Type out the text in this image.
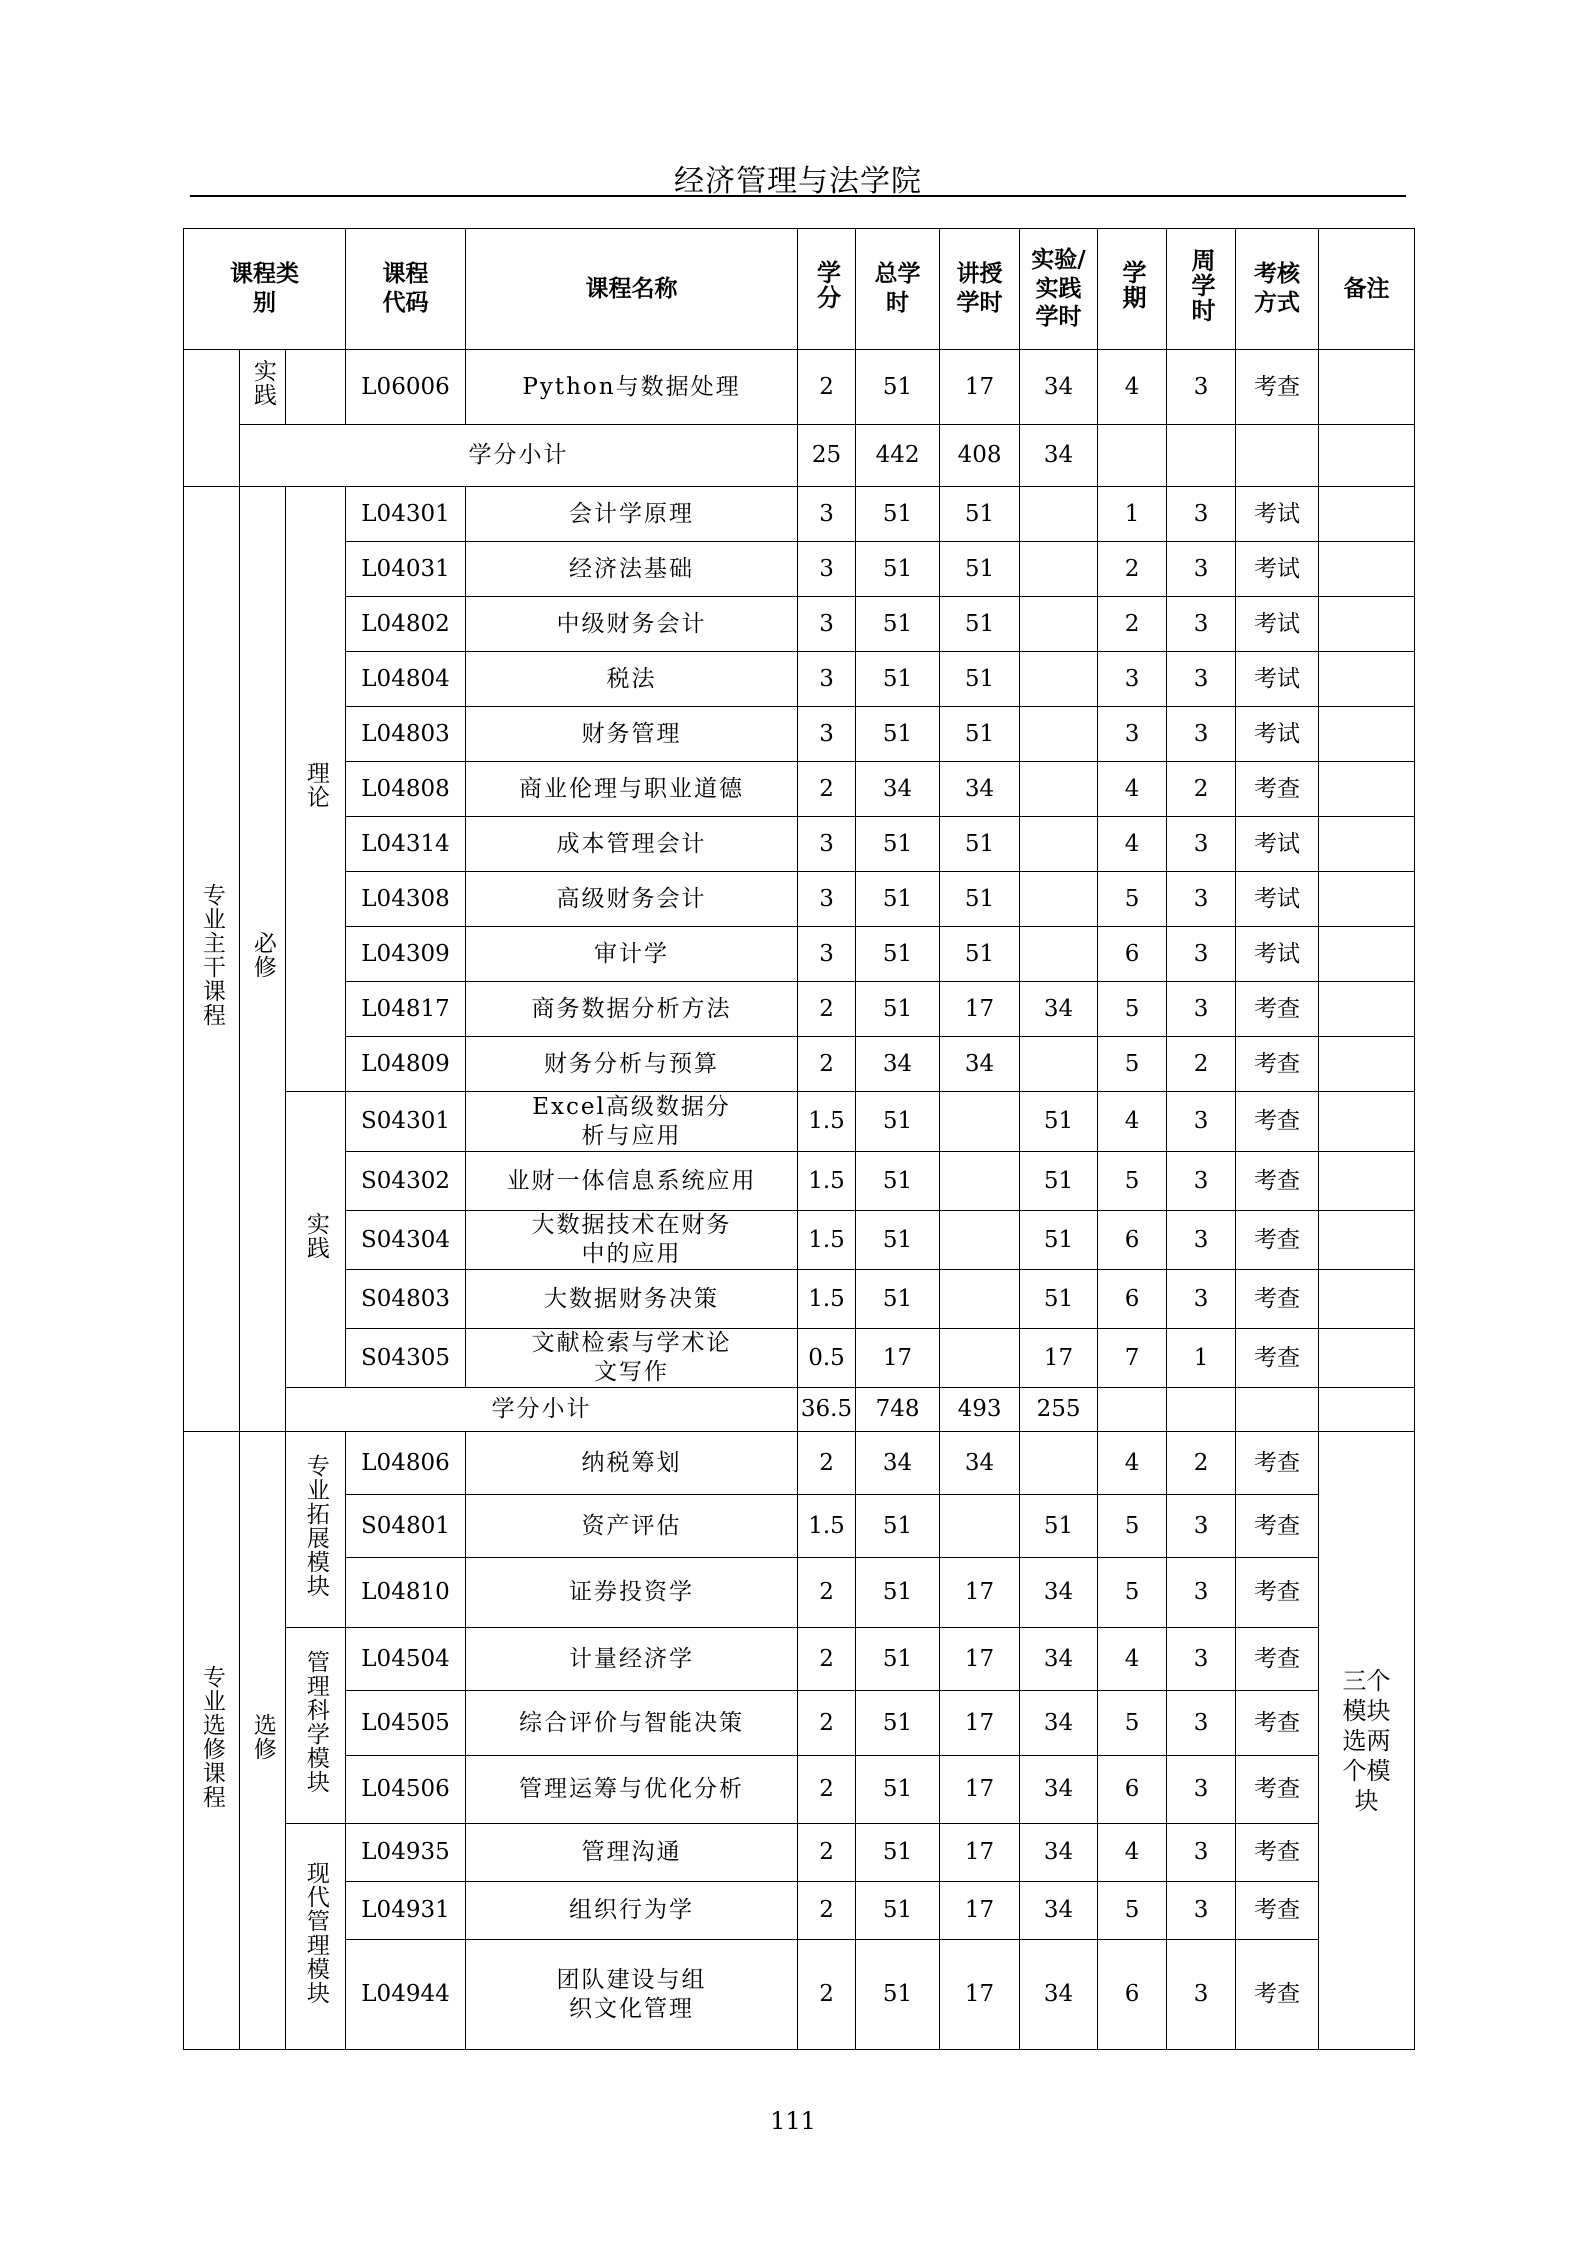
经济管理与法学院
课程类别			课程代码	课程名称	学分	总学时	讲授学时	实验/实践学时	学期	周学时	考核方式	备注
	实践		L06006	Python与数据处理	2	51	17	34	4	3	考查	
	学分小计				25	442	408	34				
专业主干课程	必修	理论	L04301	会计学原理	3	51	51		1	3	考试	
			L04031	经济法基础	3	51	51		2	3	考试	
			L04802	中级财务会计	3	51	51		2	3	考试	
			L04804	税法	3	51	51		3	3	考试	
			L04803	财务管理	3	51	51		3	3	考试	
			L04808	商业伦理与职业道德	2	34	34		4	2	考查	
			L04314	成本管理会计	3	51	51		4	3	考试	
			L04308	高级财务会计	3	51	51		5	3	考试	
			L04309	审计学	3	51	51		6	3	考试	
			L04817	商务数据分析方法	2	51	17	34	5	3	考查	
			L04809	财务分析与预算	2	34	34		5	2	考查	
		实践	S04301	Excel高级数据分析与应用	1.5	51		51	4	3	考查	
			S04302	业财一体信息系统应用	1.5	51		51	5	3	考查	
			S04304	大数据技术在财务中的应用	1.5	51		51	6	3	考查	
			S04803	大数据财务决策	1.5	51		51	6	3	考查	
			S04305	文献检索与学术论文写作	0.5	17		17	7	1	考查	
		学分小计			36.5	748	493	255				
专业选修课程	选修	专业拓展模块	L04806	纳税筹划	2	34	34		4	2	考查	三个模块选两个模块

			S04801	资产评估	1.5	51		51	5	3	考查	
			L04810	证券投资学	2	51	17	34	5	3	考查	
		管理科学模块	L04504	计量经济学	2	51	17	34	4	3	考查	
			L04505	综合评价与智能决策	2	51	17	34	5	3	考查	
			L04506	管理运筹与优化分析	2	51	17	34	6	3	考查	
		现代管理模块	L04935	管理沟通	2	51	17	34	4	3	考查	
			L04931	组织行为学	2	51	17	34	5	3	考查	
			L04944	团队建设与组织文化管理	2	51	17	34	6	3	考查	
111
